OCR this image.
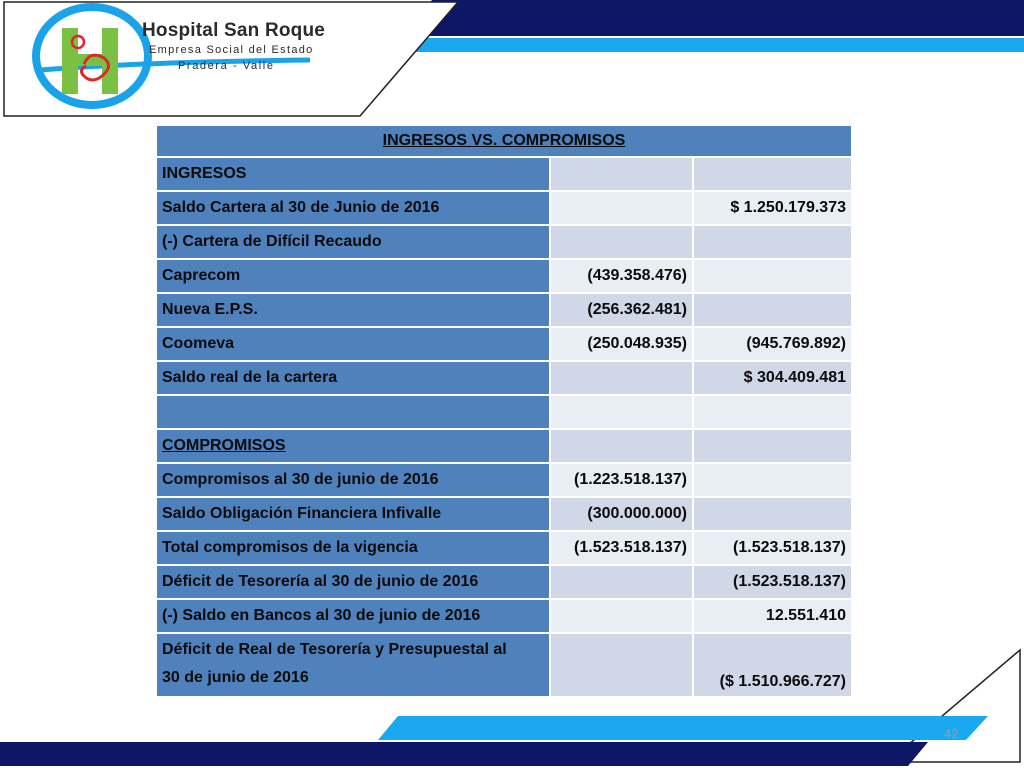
Hospital San Roque
Empresa Social del Estado
Pradera - Valle
INGRESOS VS. COMPROMISOS		
INGRESOS		
Saldo Cartera al 30 de Junio de 2016		$ 1.250.179.373
(-) Cartera de Difícil Recaudo		
Caprecom	(439.358.476)	
Nueva E.P.S.	(256.362.481)	
Coomeva	(250.048.935)	(945.769.892)
Saldo real de la cartera		$ 304.409.481

COMPROMISOS		
Compromisos al 30 de junio de 2016	(1.223.518.137)	
Saldo Obligación Financiera Infivalle	(300.000.000)	
Total compromisos de la vigencia	(1.523.518.137)	(1.523.518.137)
Déficit de Tesorería al 30 de junio de 2016		(1.523.518.137)
(-) Saldo en Bancos al 30 de junio de 2016		12.551.410
Déficit de Real de Tesorería y Presupuestal al
30 de junio de 2016		($ 1.510.966.727)
42
